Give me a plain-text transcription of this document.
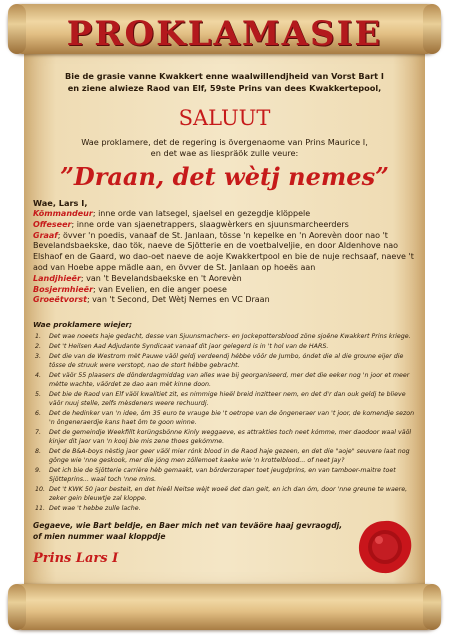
PROKLAMASIE
Bie de grasie vanne Kwakkert enne waalwillendjheid van Vorst Bart I
en ziene alwieze Raod van Elf, 59ste Prins van dees Kwakkertepool,
SALUUT
Wae proklamere, det de regering is övergenaome van Prins Maurice I,
en det wae as liespräök zulle veure:
”Draan, det wètj nemes”
Wae, Lars I,
Kömmandeur; inne orde van latsegel, sjaelsel en gezegdje klöppele
Offeseer; inne orde van sjaenetrappers, slaagwèrkers en sjuunsmarcheerders
Graaf; övver 'n poedis, vanaaf de St. Janlaan, tösse 'n kepelke en 'n Aorevèn door nao 't Bevelandsbaekske, dao tök, naeve de Sjötterie en de voetbalveljie, en door Aldenhove nao Elshaof en de Gaard, wo dao-oet naeve de aoje Kwakkertpool en bie de nuje rechsaaf, naeve 't aod van Hoebe appe mädle aan, en övver de St. Janlaan op hoeës aan
Landjhieër; van 't Bevelandsbaekske en 't Aorevèn
Bosjermhieër; van Evelien, en die anger poese
Groeëtvorst; van 't Second, Det Wètj Nemes en VC Draan
Wae proklamere wiejer;
1. Det wae noeets haje gedacht, desse van Sjuunsmachers- en Jockepottersblood zöne sjoëne Kwakkert Prins kriege.
2. Det 't Heilsen Aad Adjudante Syndicaat vanaaf dit jaor gelegerd is in 't hol van de HARS.
3. Det die van de Westrom mèt Pauwe väöl geldj verdeendj hébbe vöör de Jumbo, óndet die al die groune eijer die tösse de struuk were verstopt, nao de stort hébbe gebracht.
4. Det väör 55 plaasers de dönderdagmiddag van alles wae bij georganiseerd, mer det die eeker nog 'n joor et meer mètte wachte, väördet ze dao aan mèt kinne doon.
5. Det bie de Raod van Elf väöl kwalitiet zit, es nimmige hieël breid inzitteer nem, en det d'r dan ouk geldj te blieve väör nuuj stelle, zelfs mèsdeners weere rechuurdj.
6. Det de hedinker van 'n idee, ôm 35 euro te vrauge bie 't oetrope van de ôngeneraer van 't joor, de komendje sezon 'n ôngeneraerdje kans haet ôm te goon winne.
7. Det de gemeindje Weekfillt korüngsbönne Kinly weggaeve, es attrakties toch neet kómme, mer daodoor waal väöl kinjer dit jaor van 'n kooj bie mis zene thoes gekómme.
8. Det de B&A-boys nèstig jaor geer väöl mier rónk blood in de Raod haje gezeen, en det die "aoje" seuvere laat nog gônge wie 'nne geskook, mer die jóng men zöllemoet kaeke wie 'n krottelblood... of neet Jay?
9. Det ich bie de Sjötterie carrière hèb gemaakt, van börderzoraper toet jeugdprins, en van tamboer-maitre toet Sjötteprins... waal toch 'nne mins.
10. Det 't KWK 50 jaor besteit, en det hieël Neitse wèjt woeë det dan geit, en ich dan óm, door 'nne greune te waere, zeker gein bleuwtje zal kloppe.
11. Det wae 't hebbe zulle lache.
Gegaeve, wie Bart beldje, en Baer mich net van teväöre haaj gevraogdj,
of mien nummer waal kloppdje
Prins Lars I
